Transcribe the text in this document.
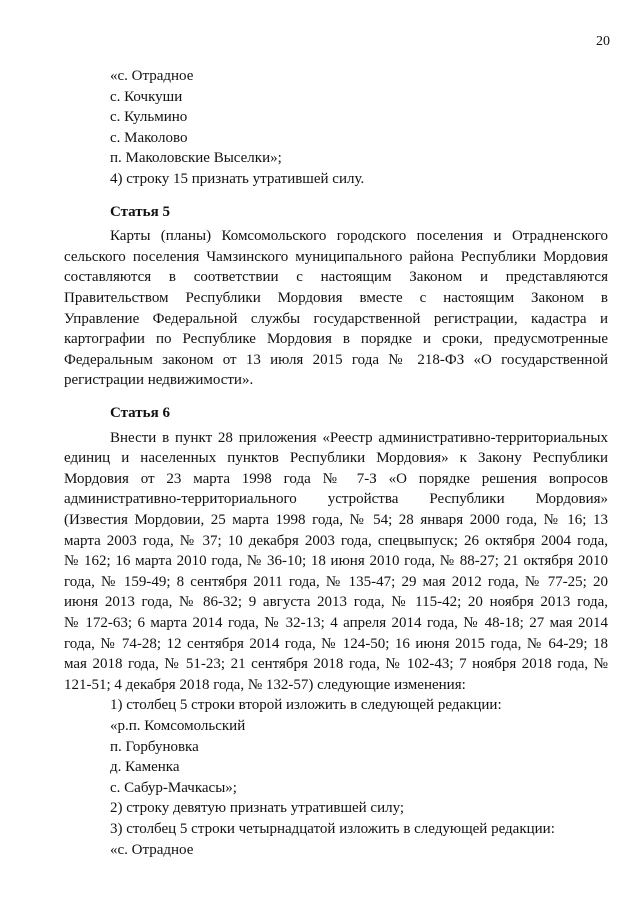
20
«с. Отрадное
с. Кочкуши
с. Кульмино
с. Маколово
п. Маколовские Выселки»;
4) строку 15 признать утратившей силу.
Статья 5
Карты (планы) Комсомольского городского поселения и Отрадненского
сельского поселения Чамзинского муниципального района Республики Мордовия
составляются в соответствии с настоящим Законом и представляются
Правительством Республики Мордовия вместе с настоящим Законом в
Управление Федеральной службы государственной регистрации, кадастра и
картографии по Республике Мордовия в порядке и сроки, предусмотренные
Федеральным законом от 13 июля 2015 года № 218-ФЗ «О государственной
регистрации недвижимости».
Статья 6
Внести в пункт 28 приложения «Реестр административно-территориальных
единиц и населенных пунктов Республики Мордовия» к Закону Республики
Мордовия от 23 марта 1998 года № 7-З «О порядке решения вопросов
административно-территориального устройства Республики Мордовия»
(Известия Мордовии, 25 марта 1998 года, № 54; 28 января 2000 года, № 16; 13
марта 2003 года, № 37; 10 декабря 2003 года, спецвыпуск; 26 октября 2004 года,
№ 162; 16 марта 2010 года, № 36-10; 18 июня 2010 года, № 88-27; 21 октября 2010
года, № 159-49; 8 сентября 2011 года, № 135-47; 29 мая 2012 года, № 77-25; 20
июня 2013 года, № 86-32; 9 августа 2013 года, № 115-42; 20 ноября 2013 года,
№ 172-63; 6 марта 2014 года, № 32-13; 4 апреля 2014 года, № 48-18; 27 мая 2014
года, № 74-28; 12 сентября 2014 года, № 124-50; 16 июня 2015 года, № 64-29; 18
мая 2018 года, № 51-23; 21 сентября 2018 года, № 102-43; 7 ноября 2018 года, №
121-51; 4 декабря 2018 года, № 132-57) следующие изменения:
1) столбец 5 строки второй изложить в следующей редакции:
«р.п. Комсомольский
п. Горбуновка
д. Каменка
с. Сабур-Мачкасы»;
2) строку девятую признать утратившей силу;
3) столбец 5 строки четырнадцатой изложить в следующей редакции:
«с. Отрадное
